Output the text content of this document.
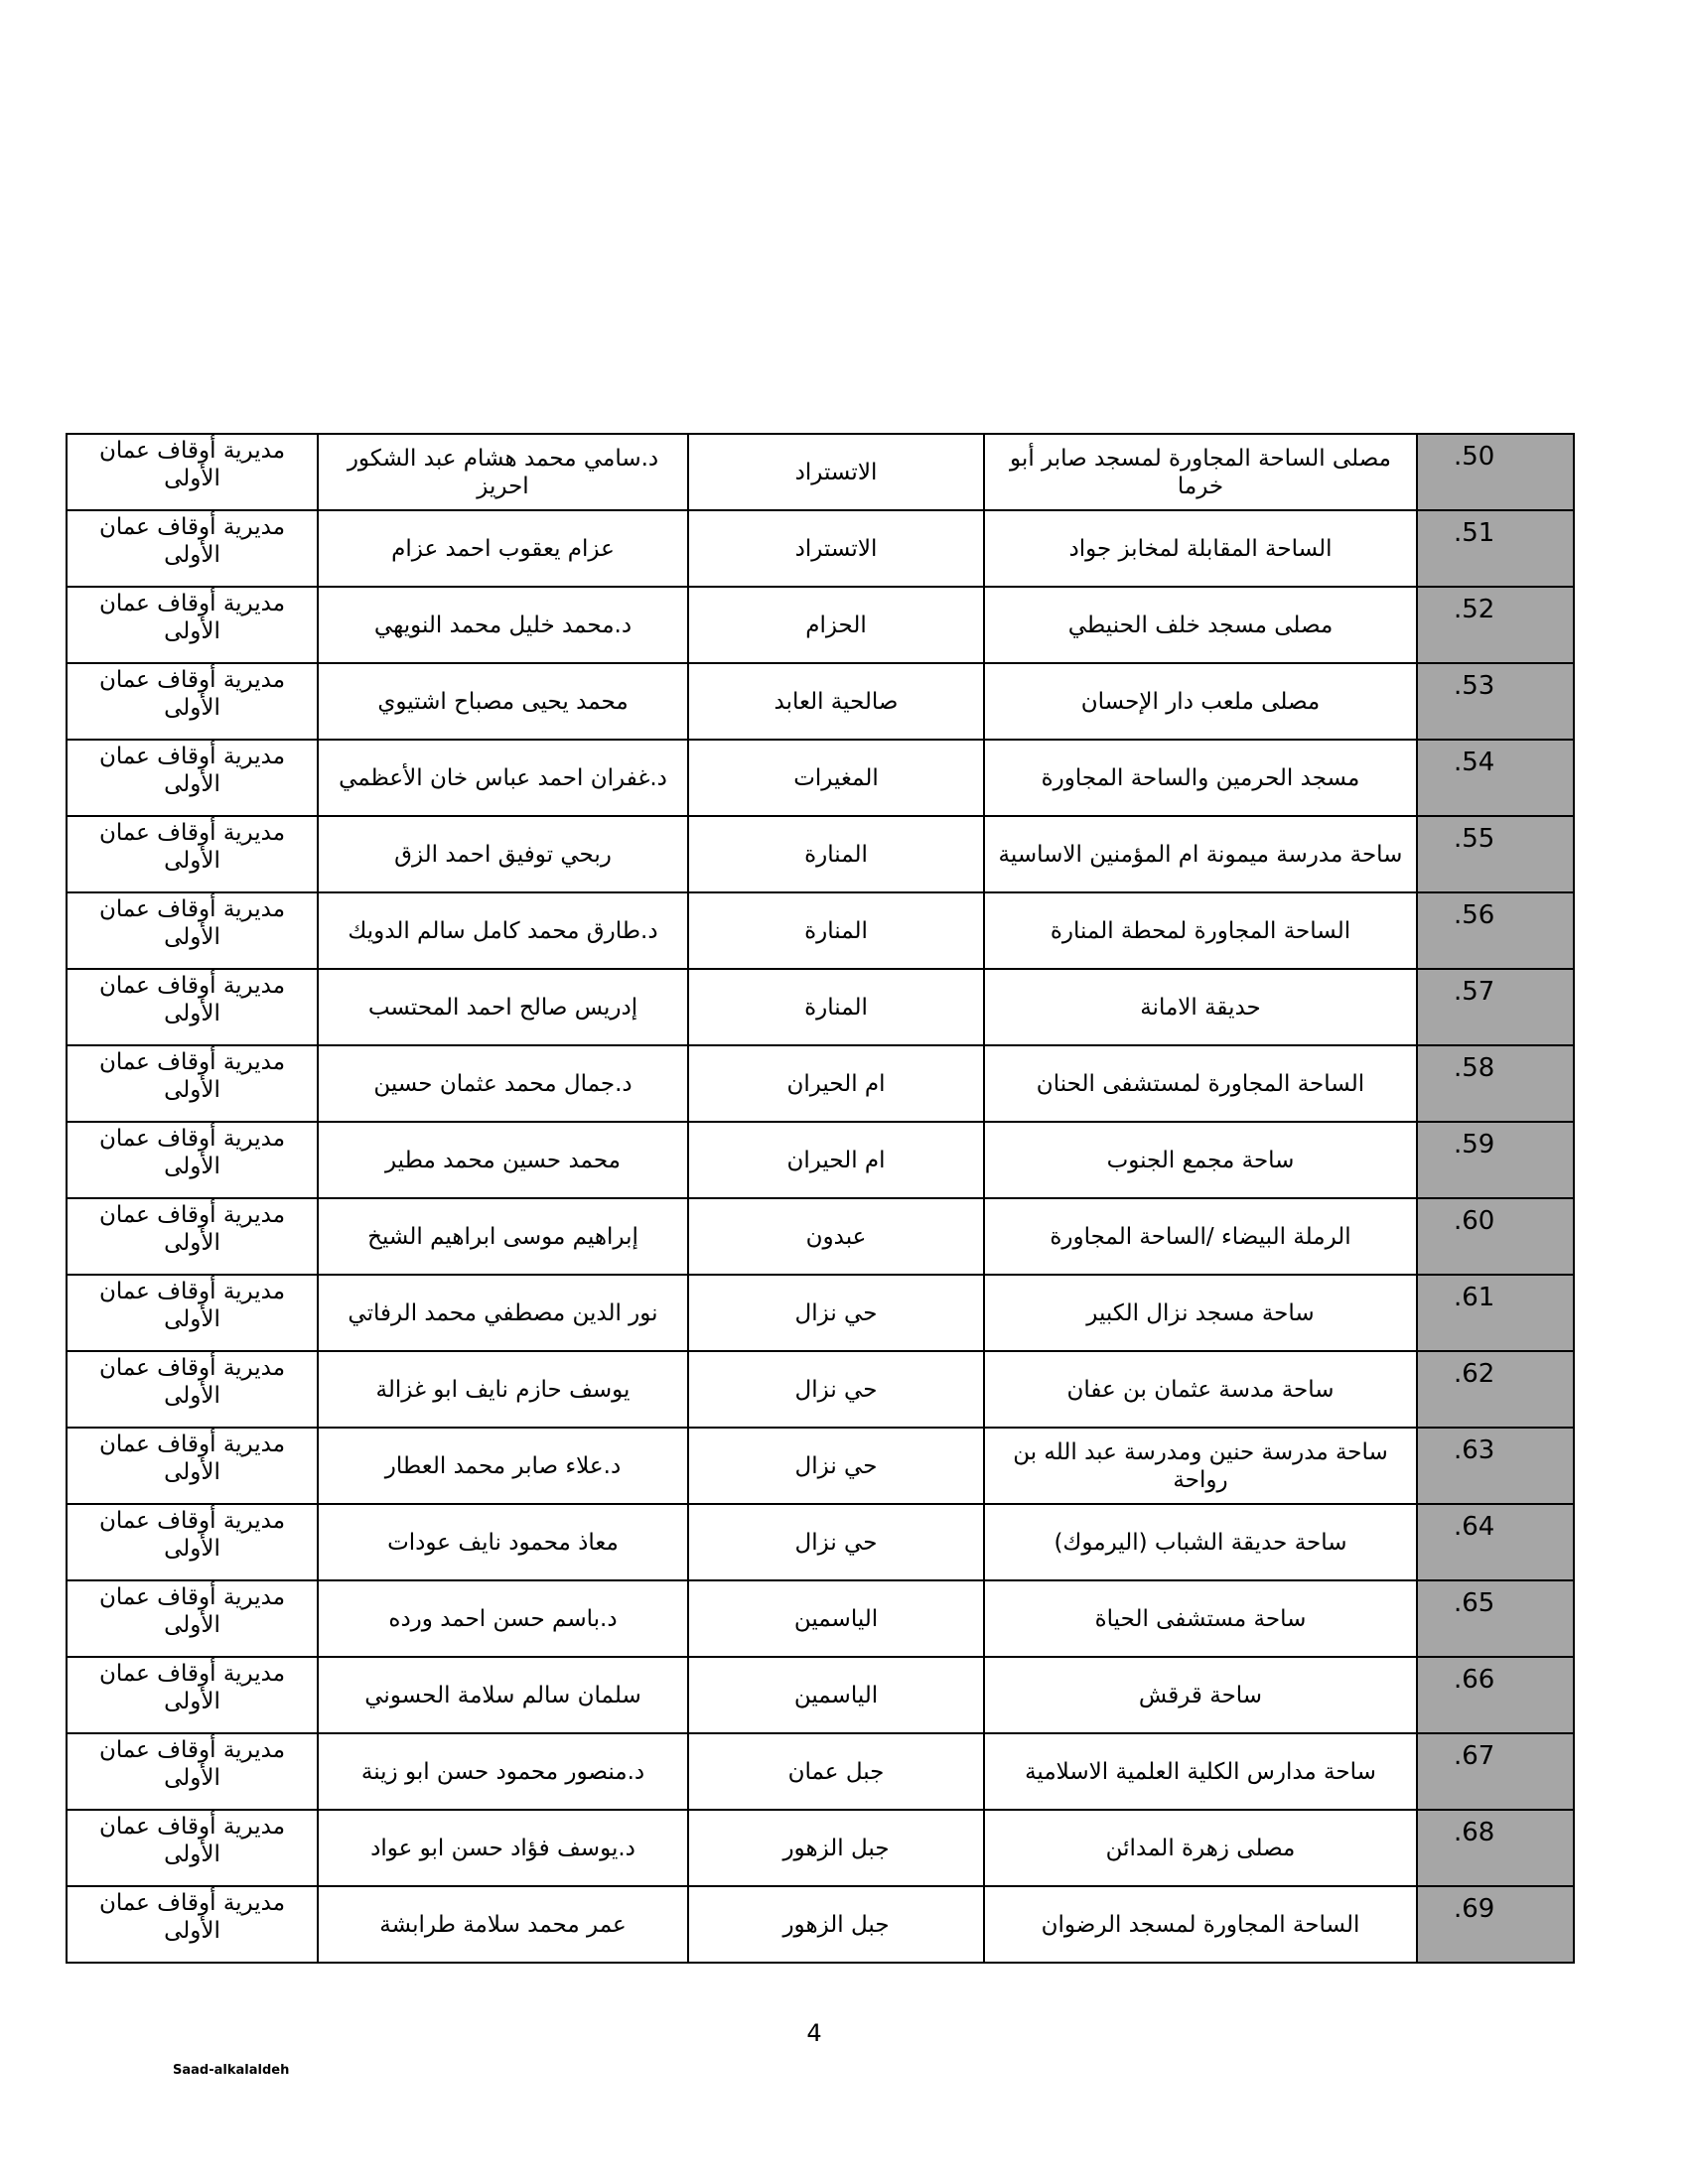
مديرية أوقاف عمان الأولى	د.سامي محمد هشام عبد الشكور احريز	الاتستراد	مصلى الساحة المجاورة لمسجد صابر أبو خرما	.50
مديرية أوقاف عمان الأولى	عزام يعقوب احمد عزام	الاتستراد	الساحة المقابلة لمخابز جواد	.51
مديرية أوقاف عمان الأولى	د.محمد خليل محمد النويهي	الحزام	مصلى مسجد خلف الحنيطي	.52
مديرية أوقاف عمان الأولى	محمد يحيى مصباح اشتيوي	صالحية العابد	مصلى ملعب دار الإحسان	.53
مديرية أوقاف عمان الأولى	د.غفران احمد عباس خان الأعظمي	المغيرات	مسجد الحرمين والساحة المجاورة	.54
مديرية أوقاف عمان الأولى	ربحي توفيق احمد الزق	المنارة	ساحة مدرسة ميمونة ام المؤمنين الاساسية	.55
مديرية أوقاف عمان الأولى	د.طارق محمد كامل سالم الدويك	المنارة	الساحة المجاورة لمحطة المنارة	.56
مديرية أوقاف عمان الأولى	إدريس صالح احمد المحتسب	المنارة	حديقة الامانة	.57
مديرية أوقاف عمان الأولى	د.جمال محمد عثمان حسين	ام الحيران	الساحة المجاورة لمستشفى الحنان	.58
مديرية أوقاف عمان الأولى	محمد حسين محمد مطير	ام الحيران	ساحة مجمع الجنوب	.59
مديرية أوقاف عمان الأولى	إبراهيم موسى ابراهيم الشيخ	عبدون	الرملة البيضاء /الساحة المجاورة	.60
مديرية أوقاف عمان الأولى	نور الدين مصطفي محمد الرفاتي	حي نزال	ساحة مسجد نزال الكبير	.61
مديرية أوقاف عمان الأولى	يوسف حازم نايف ابو غزالة	حي نزال	ساحة مدسة عثمان بن عفان	.62
مديرية أوقاف عمان الأولى	د.علاء صابر محمد العطار	حي نزال	ساحة مدرسة حنين ومدرسة عبد الله بن رواحة	.63
مديرية أوقاف عمان الأولى	معاذ محمود نايف عودات	حي نزال	ساحة حديقة الشباب (اليرموك)	.64
مديرية أوقاف عمان الأولى	د.باسم حسن احمد ورده	الياسمين	ساحة مستشفى الحياة	.65
مديرية أوقاف عمان الأولى	سلمان سالم سلامة الحسوني	الياسمين	ساحة قرقش	.66
مديرية أوقاف عمان الأولى	د.منصور محمود حسن ابو زينة	جبل عمان	ساحة مدارس الكلية العلمية الاسلامية	.67
مديرية أوقاف عمان الأولى	د.يوسف فؤاد حسن ابو عواد	جبل الزهور	مصلى زهرة المدائن	.68
مديرية أوقاف عمان الأولى	عمر محمد سلامة طرابشة	جبل الزهور	الساحة المجاورة لمسجد الرضوان	.69
4
Saad-alkalaldeh
